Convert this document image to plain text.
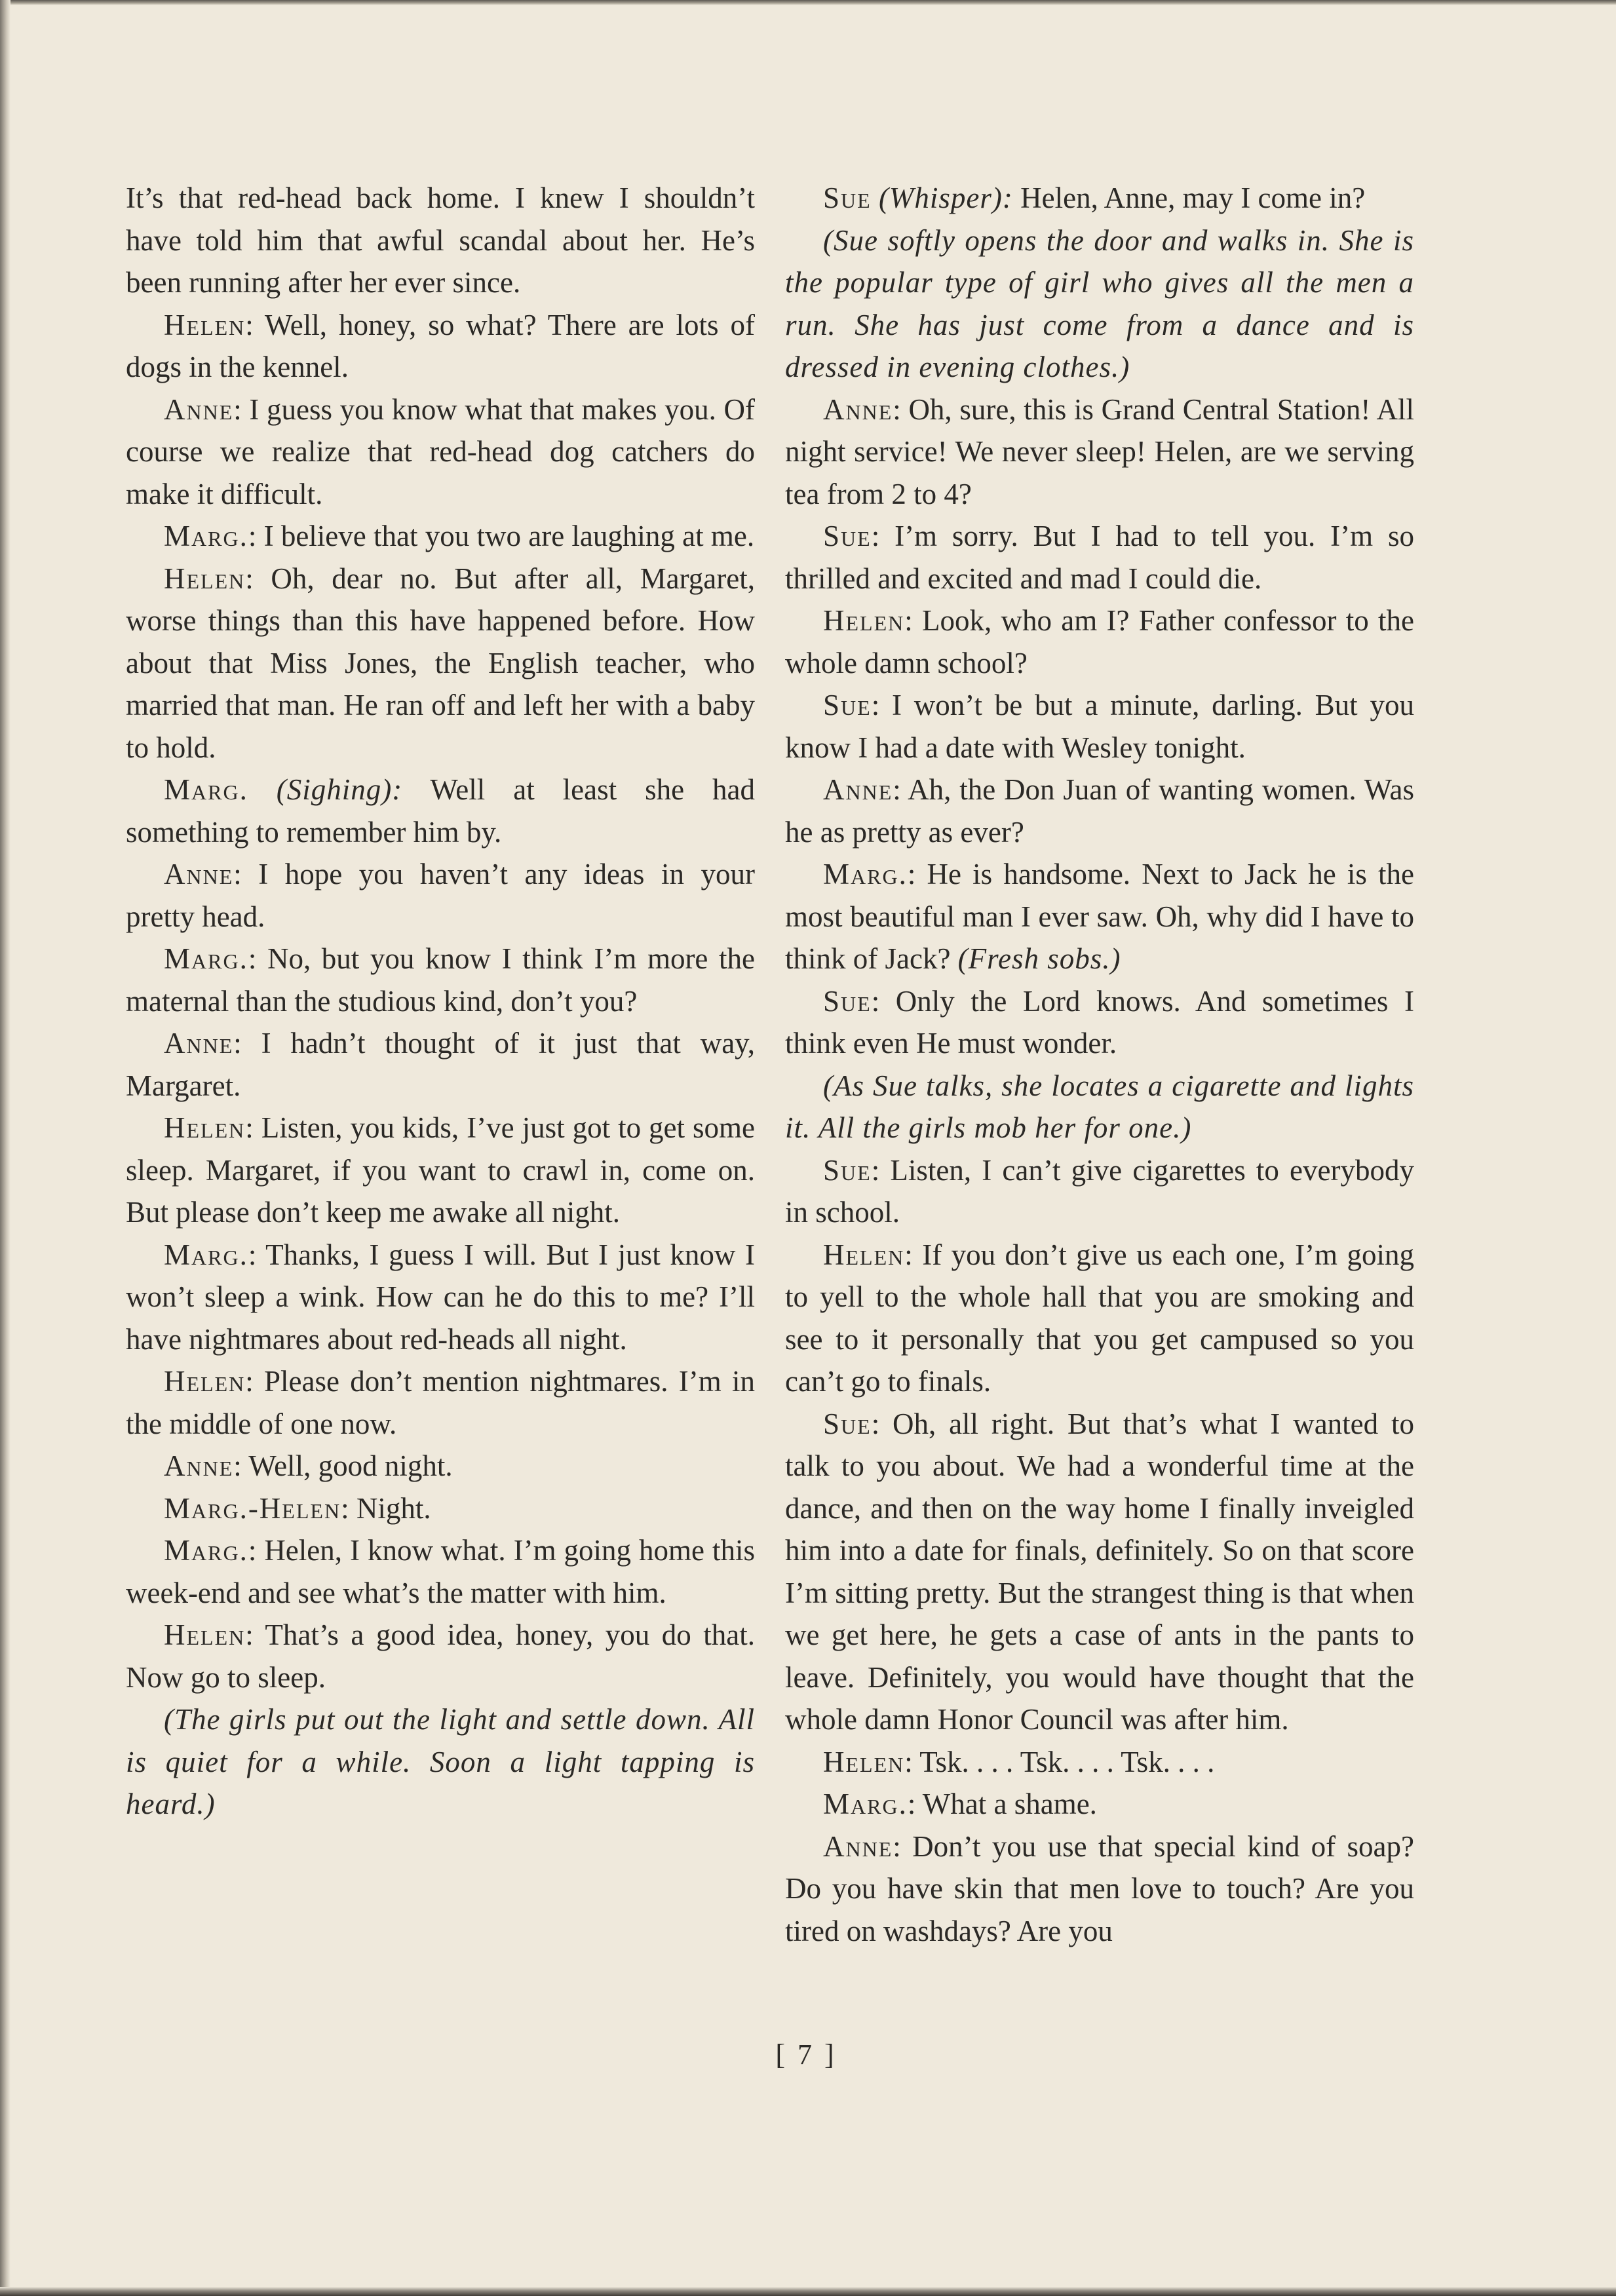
It’s that red-head back home. I knew I shouldn’t have told him that awful scandal about her. He’s been running after her ever since.

Helen: Well, honey, so what? There are lots of dogs in the kennel.

Anne: I guess you know what that makes you. Of course we realize that red-head dog catchers do make it difficult.

Marg.: I believe that you two are laughing at me.

Helen: Oh, dear no. But after all, Margaret, worse things than this have happened before. How about that Miss Jones, the English teacher, who married that man. He ran off and left her with a baby to hold.

Marg. (Sighing): Well at least she had something to remember him by.

Anne: I hope you haven’t any ideas in your pretty head.

Marg.: No, but you know I think I’m more the maternal than the studious kind, don’t you?

Anne: I hadn’t thought of it just that way, Margaret.

Helen: Listen, you kids, I’ve just got to get some sleep. Margaret, if you want to crawl in, come on. But please don’t keep me awake all night.

Marg.: Thanks, I guess I will. But I just know I won’t sleep a wink. How can he do this to me? I’ll have nightmares about red-heads all night.

Helen: Please don’t mention nightmares. I’m in the middle of one now.

Anne: Well, good night.

Marg.-Helen: Night.

Marg.: Helen, I know what. I’m going home this week-end and see what’s the matter with him.

Helen: That’s a good idea, honey, you do that. Now go to sleep.

(The girls put out the light and settle down. All is quiet for a while. Soon a light tapping is heard.)

Sue (Whisper): Helen, Anne, may I come in?

(Sue softly opens the door and walks in. She is the popular type of girl who gives all the men a run. She has just come from a dance and is dressed in evening clothes.)

Anne: Oh, sure, this is Grand Central Station! All night service! We never sleep! Helen, are we serving tea from 2 to 4?

Sue: I’m sorry. But I had to tell you. I’m so thrilled and excited and mad I could die.

Helen: Look, who am I? Father confessor to the whole damn school?

Sue: I won’t be but a minute, darling. But you know I had a date with Wesley tonight.

Anne: Ah, the Don Juan of wanting women. Was he as pretty as ever?

Marg.: He is handsome. Next to Jack he is the most beautiful man I ever saw. Oh, why did I have to think of Jack? (Fresh sobs.)

Sue: Only the Lord knows. And sometimes I think even He must wonder.

(As Sue talks, she locates a cigarette and lights it. All the girls mob her for one.)

Sue: Listen, I can’t give cigarettes to everybody in school.

Helen: If you don’t give us each one, I’m going to yell to the whole hall that you are smoking and see to it personally that you get campused so you can’t go to finals.

Sue: Oh, all right. But that’s what I wanted to talk to you about. We had a wonderful time at the dance, and then on the way home I finally inveigled him into a date for finals, definitely. So on that score I’m sitting pretty. But the strangest thing is that when we get here, he gets a case of ants in the pants to leave. Definitely, you would have thought that the whole damn Honor Council was after him.

Helen: Tsk. . . . Tsk. . . . Tsk. . . .

Marg.: What a shame.

Anne: Don’t you use that special kind of soap? Do you have skin that men love to touch? Are you tired on washdays? Are you

[ 7 ]
